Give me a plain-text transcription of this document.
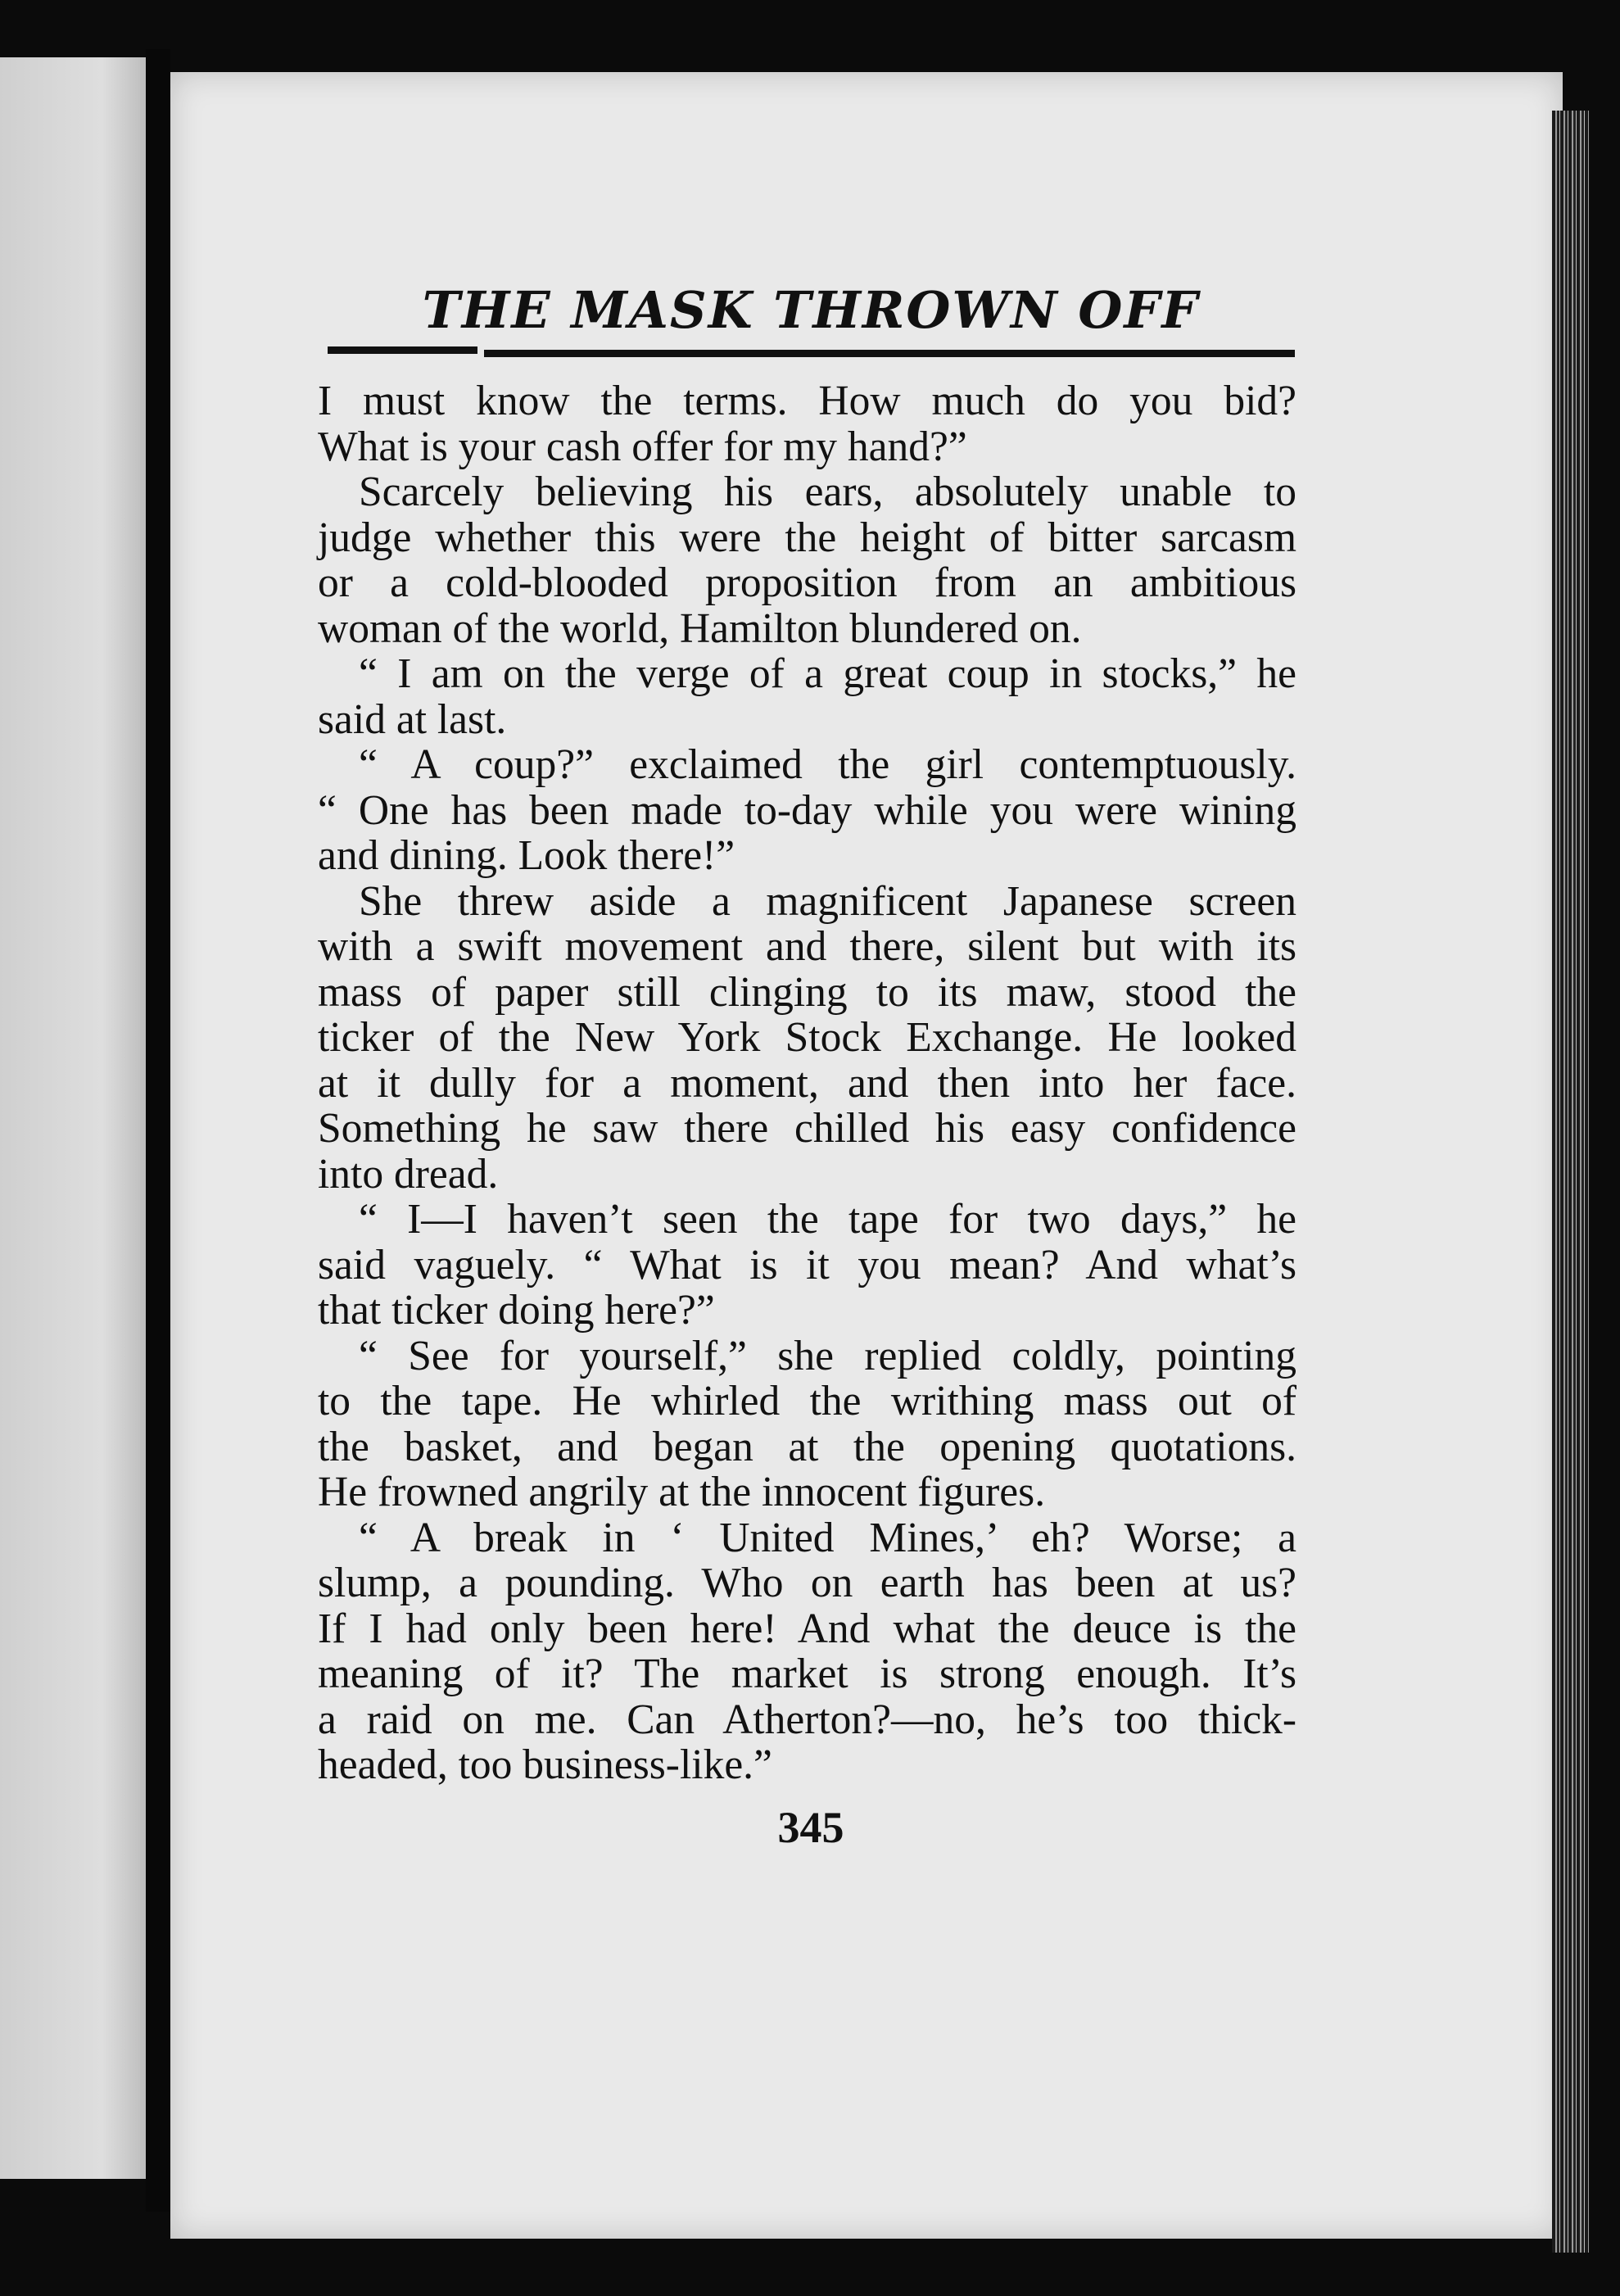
THE MASK THROWN OFF
I must know the terms. How much do you bid?
What is your cash offer for my hand?”
Scarcely believing his ears, absolutely unable to
judge whether this were the height of bitter sarcasm
or a cold-blooded proposition from an ambitious
woman of the world, Hamilton blundered on.
“ I am on the verge of a great coup in stocks,” he
said at last.
“ A coup?” exclaimed the girl contemptuously.
“ One has been made to-day while you were wining
and dining. Look there!”
She threw aside a magnificent Japanese screen
with a swift movement and there, silent but with its
mass of paper still clinging to its maw, stood the
ticker of the New York Stock Exchange. He looked
at it dully for a moment, and then into her face.
Something he saw there chilled his easy confidence
into dread.
“ I—I haven’t seen the tape for two days,” he
said vaguely. “ What is it you mean? And what’s
that ticker doing here?”
“ See for yourself,” she replied coldly, pointing
to the tape. He whirled the writhing mass out of
the basket, and began at the opening quotations.
He frowned angrily at the innocent figures.
“ A break in ‘ United Mines,’ eh? Worse; a
slump, a pounding. Who on earth has been at us?
If I had only been here! And what the deuce is the
meaning of it? The market is strong enough. It’s
a raid on me. Can Atherton?—no, he’s too thick-
headed, too business-like.”
345
